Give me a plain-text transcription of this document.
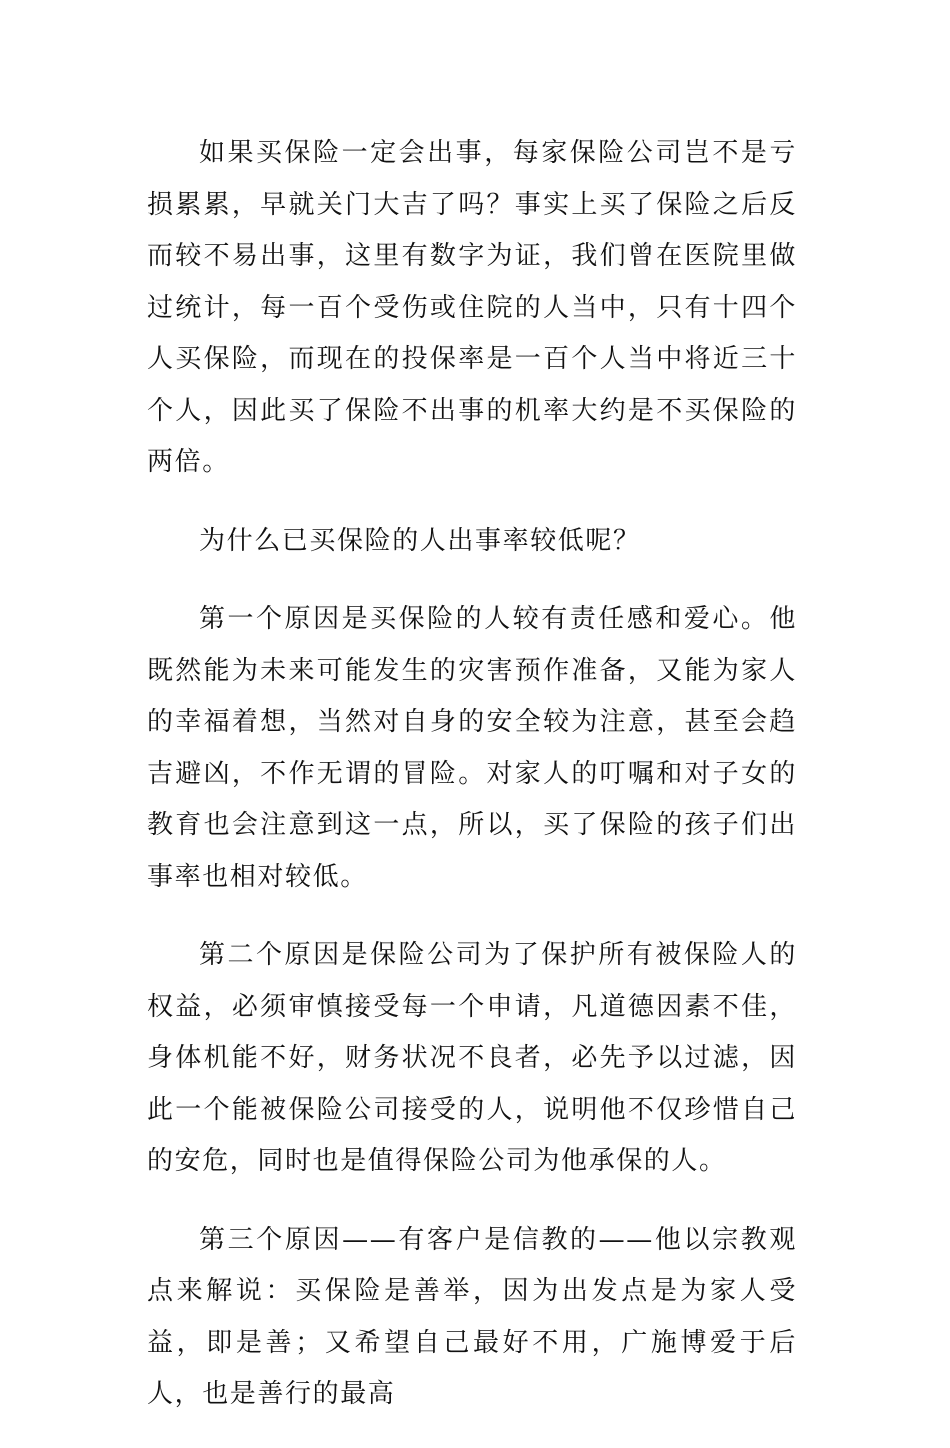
如果买保险一定会出事，每家保险公司岂不是亏损累累，早就关门大吉了吗？事实上买了保险之后反而较不易出事，这里有数字为证，我们曾在医院里做过统计，每一百个受伤或住院的人当中，只有十四个人买保险，而现在的投保率是一百个人当中将近三十个人，因此买了保险不出事的机率大约是不买保险的两倍。

为什么已买保险的人出事率较低呢？

第一个原因是买保险的人较有责任感和爱心。他既然能为未来可能发生的灾害预作准备，又能为家人的幸福着想，当然对自身的安全较为注意，甚至会趋吉避凶，不作无谓的冒险。对家人的叮嘱和对子女的教育也会注意到这一点，所以，买了保险的孩子们出事率也相对较低。

第二个原因是保险公司为了保护所有被保险人的权益，必须审慎接受每一个申请，凡道德因素不佳，身体机能不好，财务状况不良者，必先予以过滤，因此一个能被保险公司接受的人，说明他不仅珍惜自己的安危，同时也是值得保险公司为他承保的人。

第三个原因——有客户是信教的——他以宗教观点来解说：买保险是善举，因为出发点是为家人受益，即是善；又希望自己最好不用，广施博爱于后人，也是善行的最高
